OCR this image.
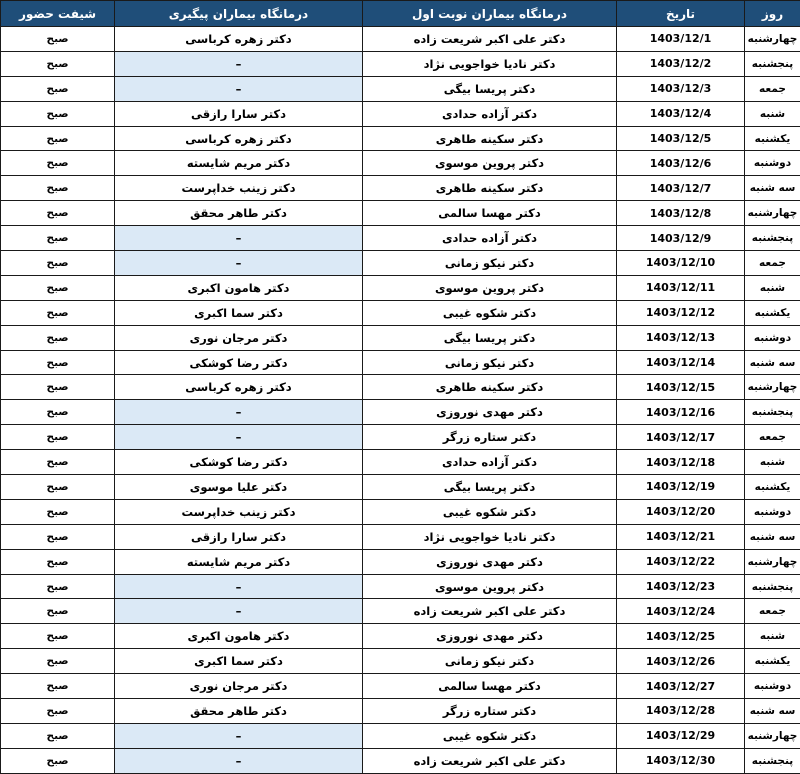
روز	تاریخ	درمانگاه بیماران نوبت اول	درمانگاه بیماران پیگیری	شیفت حضور
چهارشنبه	1403/12/1	دکتر علی اکبر شریعت زاده	دکتر زهره کرباسی	صبح
پنجشنبه	1403/12/2	دکتر نادیا خواجویی نژاد	–	صبح
جمعه	1403/12/3	دکتر پریسا بیگی	–	صبح
شنبه	1403/12/4	دکتر آزاده حدادی	دکتر سارا رازقی	صبح
یکشنبه	1403/12/5	دکتر سکینه طاهری	دکتر زهره کرباسی	صبح
دوشنبه	1403/12/6	دکتر پروین موسوی	دکتر مریم شایسته	صبح
سه شنبه	1403/12/7	دکتر سکینه طاهری	دکتر زینب خداپرست	صبح
چهارشنبه	1403/12/8	دکتر مهسا سالمی	دکتر طاهر محقق	صبح
پنجشنبه	1403/12/9	دکتر آزاده حدادی	–	صبح
جمعه	1403/12/10	دکتر نیکو زمانی	–	صبح
شنبه	1403/12/11	دکتر پروین موسوی	دکتر هامون اکبری	صبح
یکشنبه	1403/12/12	دکتر شکوه غیبی	دکتر سما اکبری	صبح
دوشنبه	1403/12/13	دکتر پریسا بیگی	دکتر مرجان نوری	صبح
سه شنبه	1403/12/14	دکتر نیکو زمانی	دکتر رضا کوشکی	صبح
چهارشنبه	1403/12/15	دکتر سکینه طاهری	دکتر زهره کرباسی	صبح
پنجشنبه	1403/12/16	دکتر مهدی نوروزی	–	صبح
جمعه	1403/12/17	دکتر ستاره زرگر	–	صبح
شنبه	1403/12/18	دکتر آزاده حدادی	دکتر رضا کوشکی	صبح
یکشنبه	1403/12/19	دکتر پریسا بیگی	دکتر علیا موسوی	صبح
دوشنبه	1403/12/20	دکتر شکوه غیبی	دکتر زینب خداپرست	صبح
سه شنبه	1403/12/21	دکتر نادیا خواجویی نژاد	دکتر سارا رازقی	صبح
چهارشنبه	1403/12/22	دکتر مهدی نوروزی	دکتر مریم شایسته	صبح
پنجشنبه	1403/12/23	دکتر پروین موسوی	–	صبح
جمعه	1403/12/24	دکتر علی اکبر شریعت زاده	–	صبح
شنبه	1403/12/25	دکتر مهدی نوروزی	دکتر هامون اکبری	صبح
یکشنبه	1403/12/26	دکتر نیکو زمانی	دکتر سما اکبری	صبح
دوشنبه	1403/12/27	دکتر مهسا سالمی	دکتر مرجان نوری	صبح
سه شنبه	1403/12/28	دکتر ستاره زرگر	دکتر طاهر محقق	صبح
چهارشنبه	1403/12/29	دکتر شکوه غیبی	–	صبح
پنجشنبه	1403/12/30	دکتر علی اکبر شریعت زاده	–	صبح
